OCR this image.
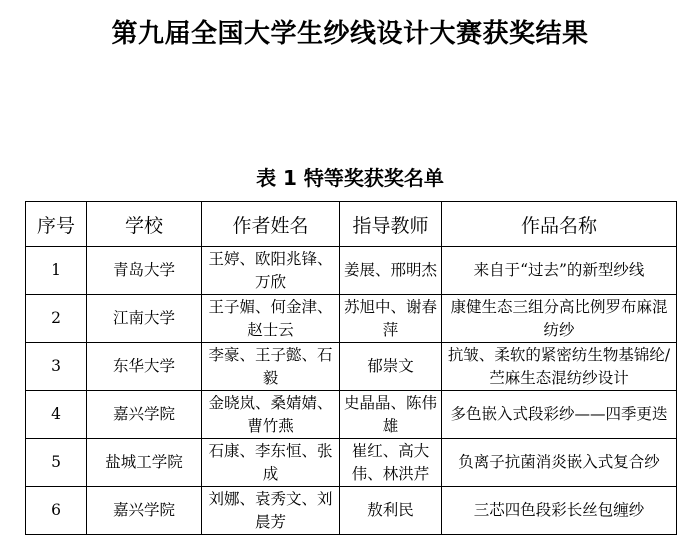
第九届全国大学生纱线设计大赛获奖结果
表 1 特等奖获奖名单
序号	学校	作者姓名	指导教师	作品名称
1	青岛大学	王婷、欧阳兆锋、万欣	姜展、邢明杰	来自于“过去”的新型纱线
2	江南大学	王子媚、何金津、赵士云	苏旭中、谢春萍	康健生态三组分高比例罗布麻混纺纱
3	东华大学	李豪、王子懿、石毅	郁崇文	抗皱、柔软的紧密纺生物基锦纶/苎麻生态混纺纱设计
4	嘉兴学院	金晓岚、桑婧婧、曹竹燕	史晶晶、陈伟雄	多色嵌入式段彩纱——四季更迭
5	盐城工学院	石康、李东恒、张成	崔红、高大伟、林洪芹	负离子抗菌消炎嵌入式复合纱
6	嘉兴学院	刘娜、袁秀文、刘晨芳	敖利民	三芯四色段彩长丝包缠纱
